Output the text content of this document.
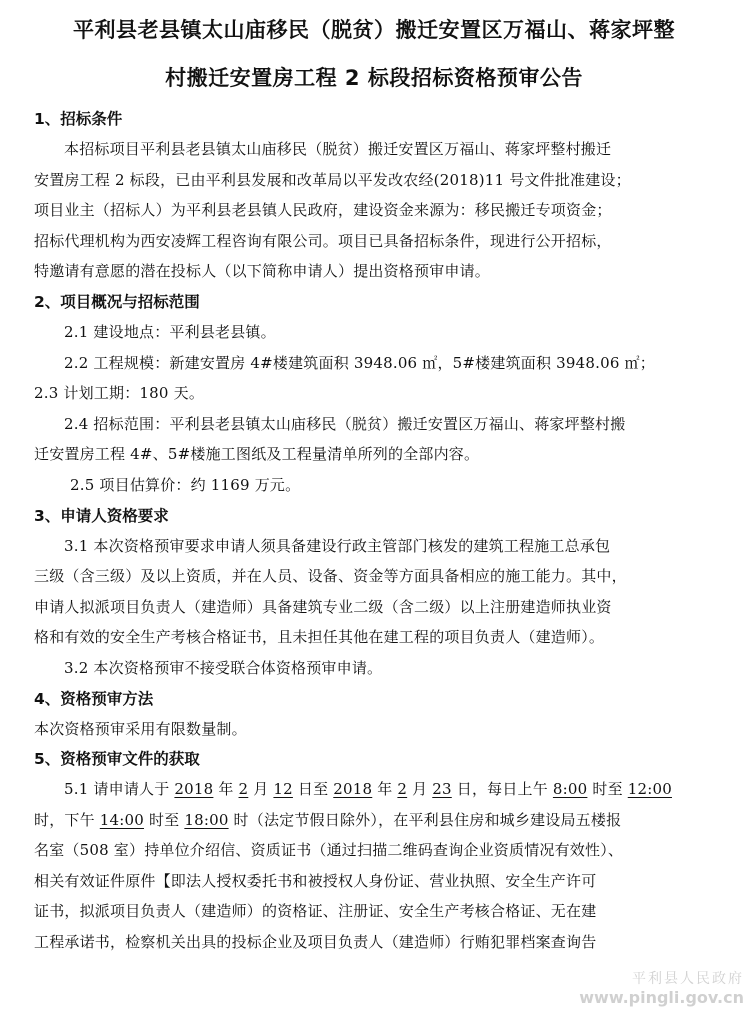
平利县老县镇太山庙移民（脱贫）搬迁安置区万福山、蒋家坪整
村搬迁安置房工程 2 标段招标资格预审公告
1、招标条件
本招标项目平利县老县镇太山庙移民（脱贫）搬迁安置区万福山、蒋家坪整村搬迁
安置房工程 2 标段，已由平利县发展和改革局以平发改农经(2018)11 号文件批准建设；
项目业主（招标人）为平利县老县镇人民政府，建设资金来源为：移民搬迁专项资金；
招标代理机构为西安凌辉工程咨询有限公司。项目已具备招标条件，现进行公开招标，
特邀请有意愿的潜在投标人（以下简称申请人）提出资格预审申请。
2、项目概况与招标范围
2.1 建设地点：平利县老县镇。
2.2 工程规模：新建安置房 4#楼建筑面积 3948.06 ㎡，5#楼建筑面积 3948.06 ㎡；
2.3 计划工期：180 天。
2.4 招标范围：平利县老县镇太山庙移民（脱贫）搬迁安置区万福山、蒋家坪整村搬
迁安置房工程 4#、5#楼施工图纸及工程量清单所列的全部内容。
2.5 项目估算价：约 1169 万元。
3、申请人资格要求
3.1 本次资格预审要求申请人须具备建设行政主管部门核发的建筑工程施工总承包
三级（含三级）及以上资质，并在人员、设备、资金等方面具备相应的施工能力。其中，
申请人拟派项目负责人（建造师）具备建筑专业二级（含二级）以上注册建造师执业资
格和有效的安全生产考核合格证书，且未担任其他在建工程的项目负责人（建造师）。
3.2 本次资格预审不接受联合体资格预审申请。
4、资格预审方法
本次资格预审采用有限数量制。
5、资格预审文件的获取
5.1 请申请人于 2018 年 2 月 12 日至 2018 年 2 月 23 日，每日上午 8:00 时至 12:00
时，下午 14:00 时至 18:00 时（法定节假日除外），在平利县住房和城乡建设局五楼报
名室（508 室）持单位介绍信、资质证书（通过扫描二维码查询企业资质情况有效性）、
相关有效证件原件【即法人授权委托书和被授权人身份证、营业执照、安全生产许可
证书，拟派项目负责人（建造师）的资格证、注册证、安全生产考核合格证、无在建
工程承诺书，检察机关出具的投标企业及项目负责人（建造师）行贿犯罪档案查询告
平利县人民政府
www.pingli.gov.cn
